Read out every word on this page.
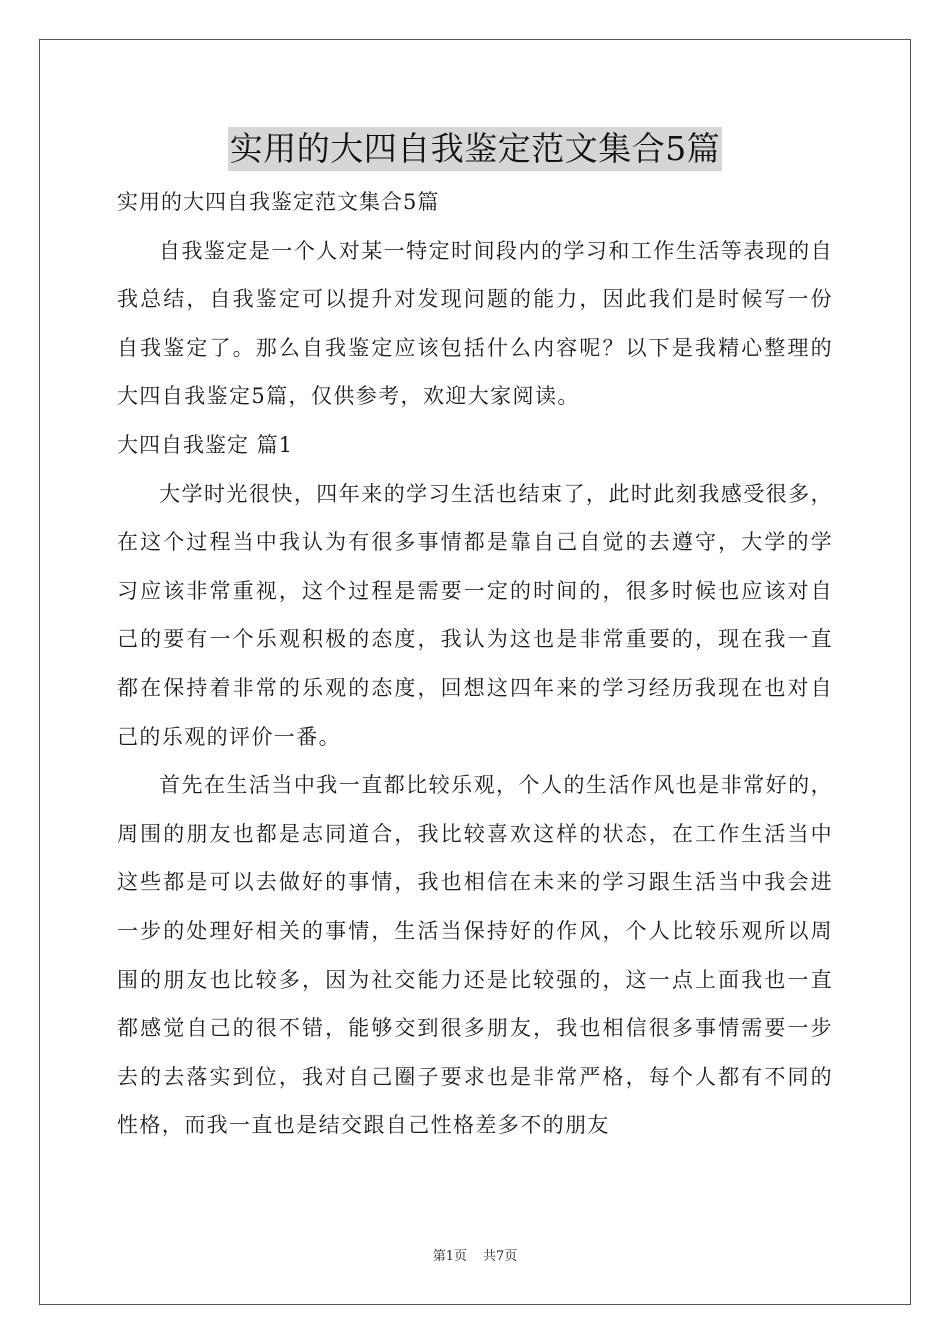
实用的大四自我鉴定范文集合5篇

实用的大四自我鉴定范文集合5篇

自我鉴定是一个人对某一特定时间段内的学习和工作生活等表现的自我总结，自我鉴定可以提升对发现问题的能力，因此我们是时候写一份自我鉴定了。那么自我鉴定应该包括什么内容呢？以下是我精心整理的大四自我鉴定5篇，仅供参考，欢迎大家阅读。

大四自我鉴定 篇1

大学时光很快，四年来的学习生活也结束了，此时此刻我感受很多，在这个过程当中我认为有很多事情都是靠自己自觉的去遵守，大学的学习应该非常重视，这个过程是需要一定的时间的，很多时候也应该对自己的要有一个乐观积极的态度，我认为这也是非常重要的，现在我一直都在保持着非常的乐观的态度，回想这四年来的学习经历我现在也对自己的乐观的评价一番。

首先在生活当中我一直都比较乐观，个人的生活作风也是非常好的，周围的朋友也都是志同道合，我比较喜欢这样的状态，在工作生活当中这些都是可以去做好的事情，我也相信在未来的学习跟生活当中我会进一步的处理好相关的事情，生活当保持好的作风，个人比较乐观所以周围的朋友也比较多，因为社交能力还是比较强的，这一点上面我也一直都感觉自己的很不错，能够交到很多朋友，我也相信很多事情需要一步去的去落实到位，我对自己圈子要求也是非常严格，每个人都有不同的性格，而我一直也是结交跟自己性格差多不的朋友

第1页 共7页
